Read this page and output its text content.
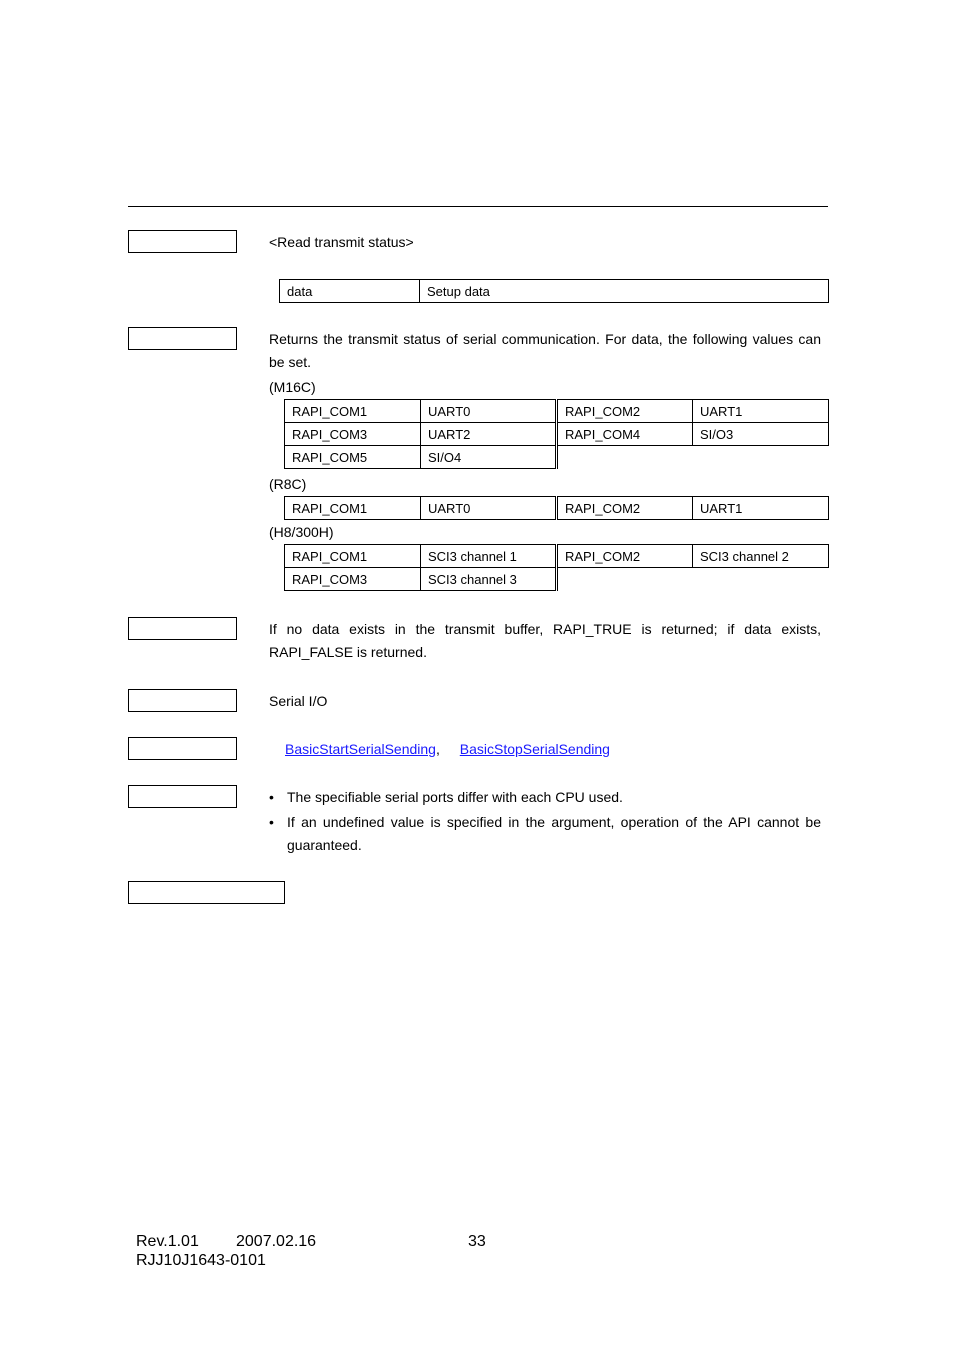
<Read transmit status>
data	Setup data
Returns the transmit status of serial communication. For data, the following values can be set.
(M16C)
RAPI_COM1	UART0	RAPI_COM2	UART1
RAPI_COM3	UART2	RAPI_COM4	SI/O3
RAPI_COM5	SI/O4		
(R8C)
RAPI_COM1	UART0	RAPI_COM2	UART1
(H8/300H)
RAPI_COM1	SCI3 channel 1	RAPI_COM2	SCI3 channel 2
RAPI_COM3	SCI3 channel 3		
If no data exists in the transmit buffer, RAPI_TRUE is returned; if data exists, RAPI_FALSE is returned.
Serial I/O
BasicStartSerialSending, BasicStopSerialSending
• The specifiable serial ports differ with each CPU used.
• If an undefined value is specified in the argument, operation of the API cannot be guaranteed.
Rev.1.01 2007.02.16	33
RJJ10J1643-0101
